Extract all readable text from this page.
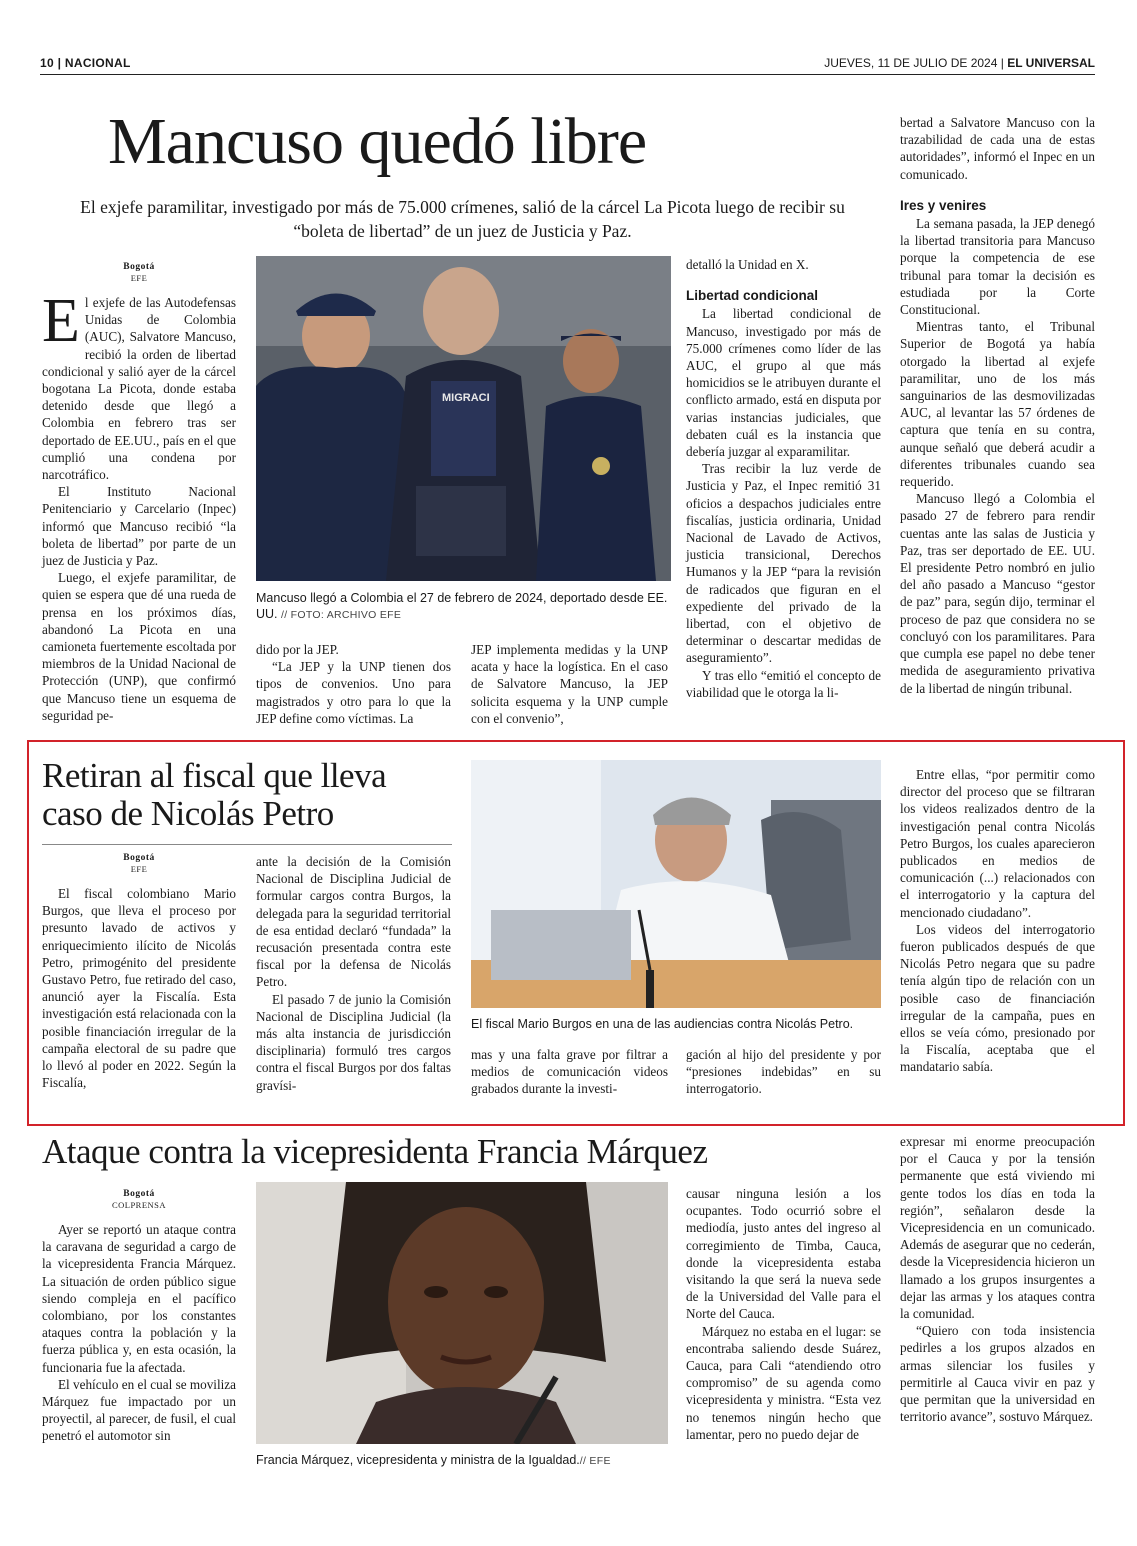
10 | NACIONAL	JUEVES, 11 DE JULIO DE 2024 | EL UNIVERSAL
Mancuso quedó libre
El exjefe paramilitar, investigado por más de 75.000 crímenes, salió de la cárcel La Picota luego de recibir su “boleta de libertad” de un juez de Justicia y Paz.
Bogotá
EFE

El exjefe de las Autodefensas Unidas de Colombia (AUC), Salvatore Mancuso, recibió la orden de libertad condicional y salió ayer de la cárcel bogotana La Picota, donde estaba detenido desde que llegó a Colombia en febrero tras ser deportado de EE.UU., país en el que cumplió una condena por narcotráfico.

El Instituto Nacional Penitenciario y Carcelario (Inpec) informó que Mancuso recibió “la boleta de libertad” por parte de un juez de Justicia y Paz.

Luego, el exjefe paramilitar, de quien se espera que dé una rueda de prensa en los próximos días, abandonó La Picota en una camioneta fuertemente escoltada por miembros de la Unidad Nacional de Protección (UNP), que confirmó que Mancuso tiene un esquema de seguridad pe-

MIGRACI
Mancuso llegó a Colombia el 27 de febrero de 2024, deportado desde EE. UU. // FOTO: ARCHIVO EFE

dido por la JEP.

“La JEP y la UNP tienen dos tipos de convenios. Uno para magistrados y otro para lo que la JEP define como víctimas. La

JEP implementa medidas y la UNP acata y hace la logística. En el caso de Salvatore Mancuso, la JEP solicita esquema y la UNP cumple con el convenio”,

detalló la Unidad en X.

Libertad condicional

La libertad condicional de Mancuso, investigado por más de 75.000 crímenes como líder de las AUC, el grupo al que más homicidios se le atribuyen durante el conflicto armado, está en disputa por varias instancias judiciales, que debaten cuál es la instancia que debería juzgar al exparamilitar.

Tras recibir la luz verde de Justicia y Paz, el Inpec remitió 31 oficios a despachos judiciales entre fiscalías, justicia ordinaria, Unidad Nacional de Lavado de Activos, justicia transicional, Derechos Humanos y la JEP “para la revisión de radicados que figuran en el expediente del privado de la libertad, con el objetivo de determinar o descartar medidas de aseguramiento”.

Y tras ello “emitió el concepto de viabilidad que le otorga la li-

bertad a Salvatore Mancuso con la trazabilidad de cada una de estas autoridades”, informó el Inpec en un comunicado.

Ires y venires

La semana pasada, la JEP denegó la libertad transitoria para Mancuso porque la competencia de ese tribunal para tomar la decisión es estudiada por la Corte Constitucional.

Mientras tanto, el Tribunal Superior de Bogotá ya había otorgado la libertad al exjefe paramilitar, uno de los más sanguinarios de las desmovilizadas AUC, al levantar las 57 órdenes de captura que tenía en su contra, aunque señaló que deberá acudir a diferentes tribunales cuando sea requerido.

Mancuso llegó a Colombia el pasado 27 de febrero para rendir cuentas ante las salas de Justicia y Paz, tras ser deportado de EE. UU. El presidente Petro nombró en julio del año pasado a Mancuso “gestor de paz” para, según dijo, terminar el proceso de paz que considera no se concluyó con los paramilitares. Para que cumpla ese papel no debe tener medida de aseguramiento privativa de la libertad de ningún tribunal.

Retiran al fiscal que lleva
caso de Nicolás Petro
Bogotá
EFE

El fiscal colombiano Mario Burgos, que lleva el proceso por presunto lavado de activos y enriquecimiento ilícito de Nicolás Petro, primogénito del presidente Gustavo Petro, fue retirado del caso, anunció ayer la Fiscalía. Esta investigación está relacionada con la posible financiación irregular de la campaña electoral de su padre que lo llevó al poder en 2022. Según la Fiscalía,

ante la decisión de la Comisión Nacional de Disciplina Judicial de formular cargos contra Burgos, la delegada para la seguridad territorial de esa entidad declaró “fundada” la recusación presentada contra este fiscal por la defensa de Nicolás Petro.

El pasado 7 de junio la Comisión Nacional de Disciplina Judicial (la más alta instancia de jurisdicción disciplinaria) formuló tres cargos contra el fiscal Burgos por dos faltas gravísi-

El fiscal Mario Burgos en una de las audiencias contra Nicolás Petro.

mas y una falta grave por filtrar a medios de comunicación videos grabados durante la investi-

gación al hijo del presidente y por “presiones indebidas” en su interrogatorio.

Entre ellas, “por permitir como director del proceso que se filtraran los videos realizados dentro de la investigación penal contra Nicolás Petro Burgos, los cuales aparecieron publicados en medios de comunicación (...) relacionados con el interrogatorio y la captura del mencionado ciudadano”.

Los videos del interrogatorio fueron publicados después de que Nicolás Petro negara que su padre tenía algún tipo de relación con un posible caso de financiación irregular de la campaña, pues en ellos se veía cómo, presionado por la Fiscalía, aceptaba que el mandatario sabía.

Ataque contra la vicepresidenta Francia Márquez
Bogotá
COLPRENSA

Ayer se reportó un ataque contra la caravana de seguridad a cargo de la vicepresidenta Francia Márquez. La situación de orden público sigue siendo compleja en el pacífico colombiano, por los constantes ataques contra la población y la fuerza pública y, en esta ocasión, la funcionaria fue la afectada.

El vehículo en el cual se moviliza Márquez fue impactado por un proyectil, al parecer, de fusil, el cual penetró el automotor sin

Francia Márquez, vicepresidenta y ministra de la Igualdad.// EFE

causar ninguna lesión a los ocupantes. Todo ocurrió sobre el mediodía, justo antes del ingreso al corregimiento de Timba, Cauca, donde la vicepresidenta estaba visitando la que será la nueva sede de la Universidad del Valle para el Norte del Cauca.

Márquez no estaba en el lugar: se encontraba saliendo desde Suárez, Cauca, para Cali “atendiendo otro compromiso” de su agenda como vicepresidenta y ministra. “Esta vez no tenemos ningún hecho que lamentar, pero no puedo dejar de

expresar mi enorme preocupación por el Cauca y por la tensión permanente que está viviendo mi gente todos los días en toda la región”, señalaron desde la Vicepresidencia en un comunicado. Además de asegurar que no cederán, desde la Vicepresidencia hicieron un llamado a los grupos insurgentes a dejar las armas y los ataques contra la comunidad.

“Quiero con toda insistencia pedirles a los grupos alzados en armas silenciar los fusiles y permitirle al Cauca vivir en paz y que permitan que la universidad en territorio avance”, sostuvo Márquez.
